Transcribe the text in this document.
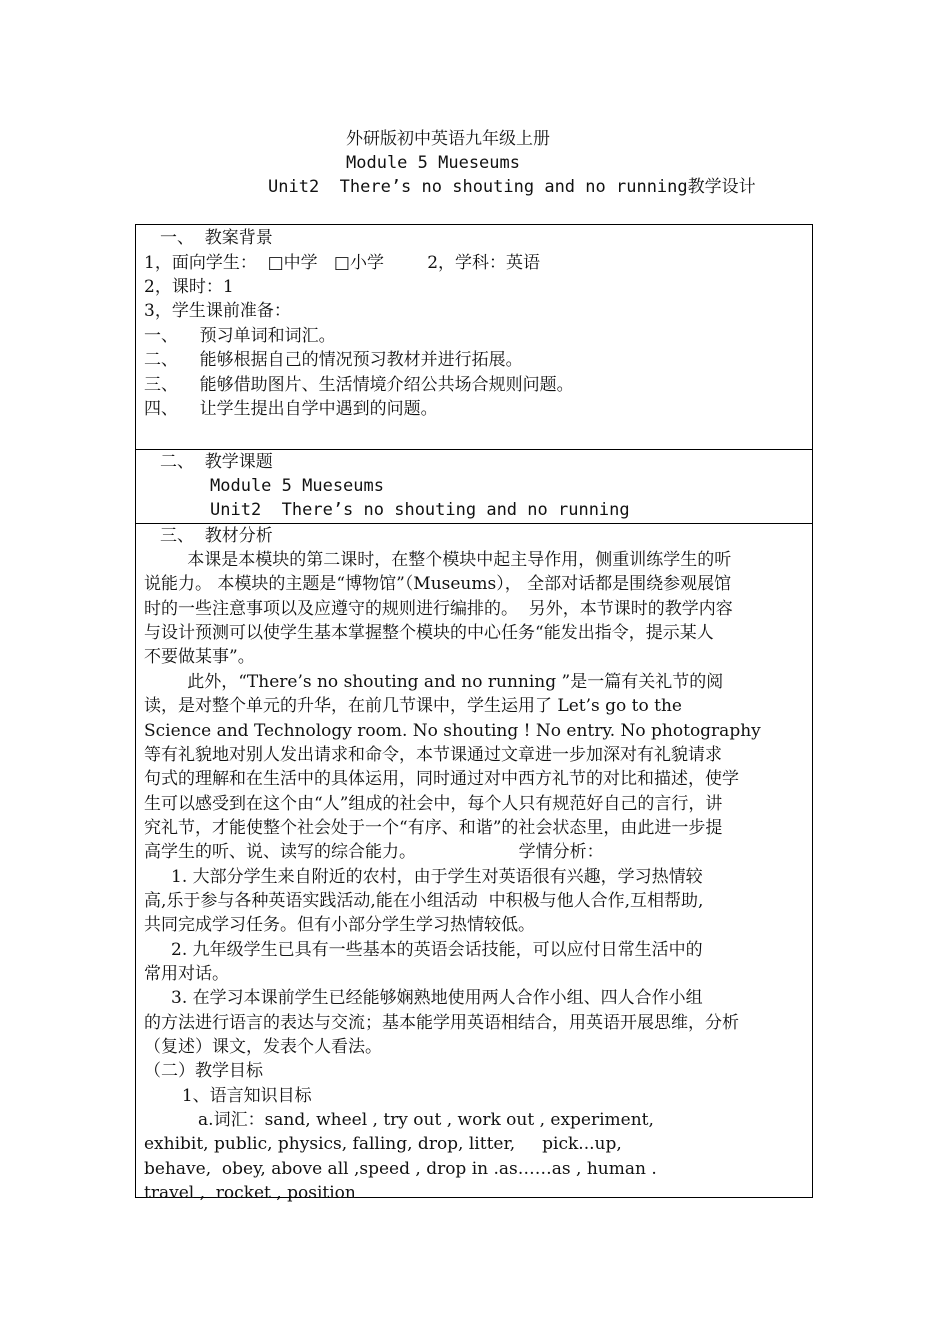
外研版初中英语九年级上册
Module 5 Mueseums
Unit2  There’s no shouting and no running教学设计
一、  教案背景
1，面向学生：  □中学   □小学        2，学科：英语
2，课时：1
3，学生课前准备：
一、    预习单词和词汇。
二、    能够根据自己的情况预习教材并进行拓展。
三、    能够借助图片、生活情境介绍公共场合规则问题。
四、    让学生提出自学中遇到的问题。
二、  教学课题
Module 5 Mueseums
Unit2  There’s no shouting and no running
三、  教材分析
本课是本模块的第二课时，在整个模块中起主导作用，侧重训练学生的听
说能力。 本模块的主题是“博物馆”（Museums）， 全部对话都是围绕参观展馆
时的一些注意事项以及应遵守的规则进行编排的。  另外，本节课时的教学内容
与设计预测可以使学生基本掌握整个模块的中心任务“能发出指令，提示某人
不要做某事”。
此外，“There’s no shouting and no running ”是一篇有关礼节的阅
读，是对整个单元的升华，在前几节课中，学生运用了 Let’s go to the
Science and Technology room. No shouting ! No entry. No photography
等有礼貌地对别人发出请求和命令，本节课通过文章进一步加深对有礼貌请求
句式的理解和在生活中的具体运用，同时通过对中西方礼节的对比和描述，使学
生可以感受到在这个由“人”组成的社会中，每个人只有规范好自己的言行，讲
究礼节，才能使整个社会处于一个“有序、和谐”的社会状态里，由此进一步提
高学生的听、说、读写的综合能力。                   学情分析：
1. 大部分学生来自附近的农村，由于学生对英语很有兴趣，学习热情较
高,乐于参与各种英语实践活动,能在小组活动  中积极与他人合作,互相帮助,
共同完成学习任务。但有小部分学生学习热情较低。
2. 九年级学生已具有一些基本的英语会话技能，可以应付日常生活中的
常用对话。
3. 在学习本课前学生已经能够娴熟地使用两人合作小组、四人合作小组
的方法进行语言的表达与交流；基本能学用英语相结合，用英语开展思维，分析
（复述）课文，发表个人看法。
（二）教学目标
1、语言知识目标
a.词汇：sand, wheel , try out , work out , experiment,
exhibit, public, physics, falling, drop, litter,     pick...up,
behave,  obey, above all ,speed , drop in .as……as , human .
travel ,  rocket , position
